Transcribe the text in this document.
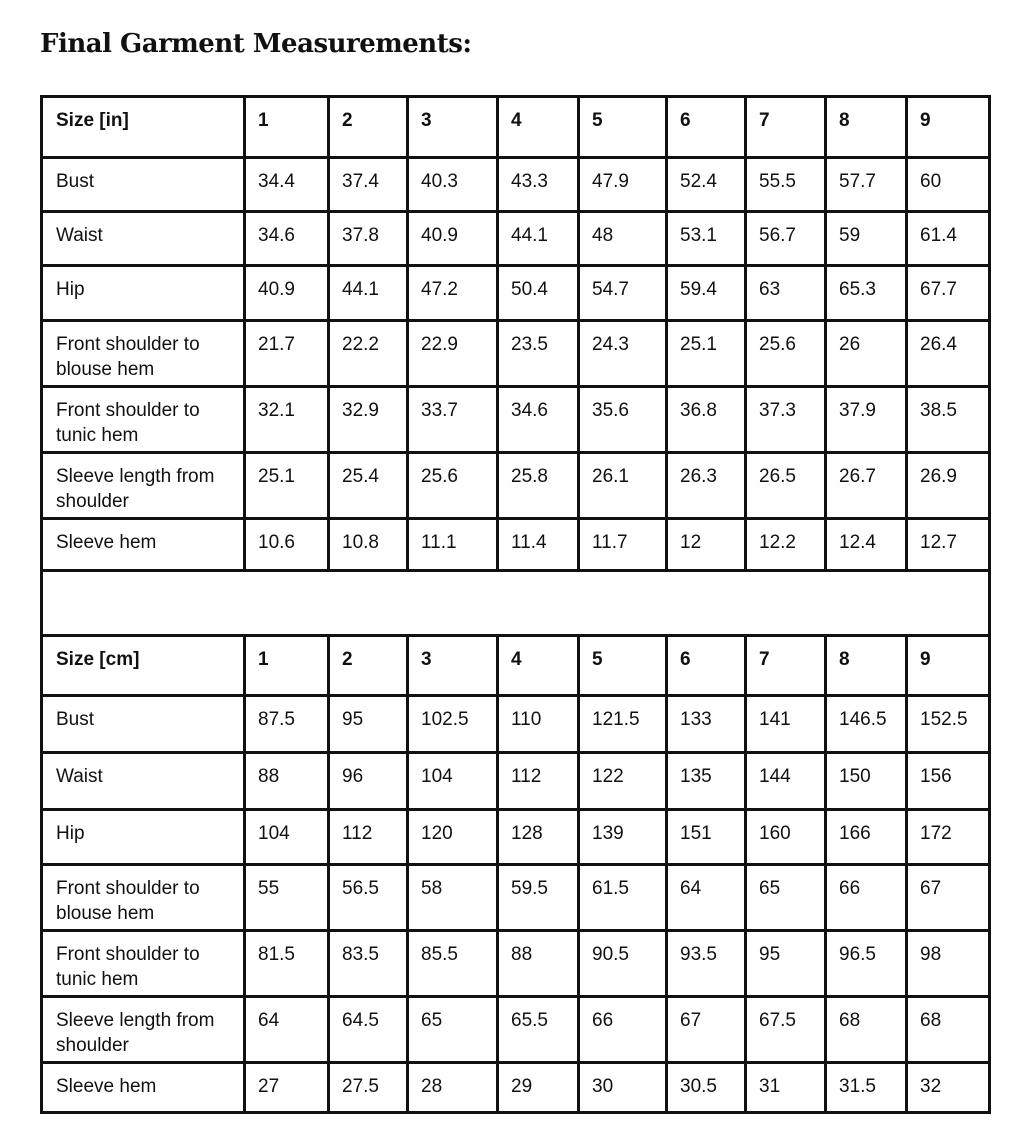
Final Garment Measurements:
Size [in]	1	2	3	4	5	6	7	8	9
Bust	34.4	37.4	40.3	43.3	47.9	52.4	55.5	57.7	60
Waist	34.6	37.8	40.9	44.1	48	53.1	56.7	59	61.4
Hip	40.9	44.1	47.2	50.4	54.7	59.4	63	65.3	67.7
Front shoulder to blouse hem	21.7	22.2	22.9	23.5	24.3	25.1	25.6	26	26.4
Front shoulder to tunic hem	32.1	32.9	33.7	34.6	35.6	36.8	37.3	37.9	38.5
Sleeve length from shoulder	25.1	25.4	25.6	25.8	26.1	26.3	26.5	26.7	26.9
Sleeve hem	10.6	10.8	11.1	11.4	11.7	12	12.2	12.4	12.7

Size [cm]	1	2	3	4	5	6	7	8	9
Bust	87.5	95	102.5	110	121.5	133	141	146.5	152.5
Waist	88	96	104	112	122	135	144	150	156
Hip	104	112	120	128	139	151	160	166	172
Front shoulder to blouse hem	55	56.5	58	59.5	61.5	64	65	66	67
Front shoulder to tunic hem	81.5	83.5	85.5	88	90.5	93.5	95	96.5	98
Sleeve length from shoulder	64	64.5	65	65.5	66	67	67.5	68	68
Sleeve hem	27	27.5	28	29	30	30.5	31	31.5	32
